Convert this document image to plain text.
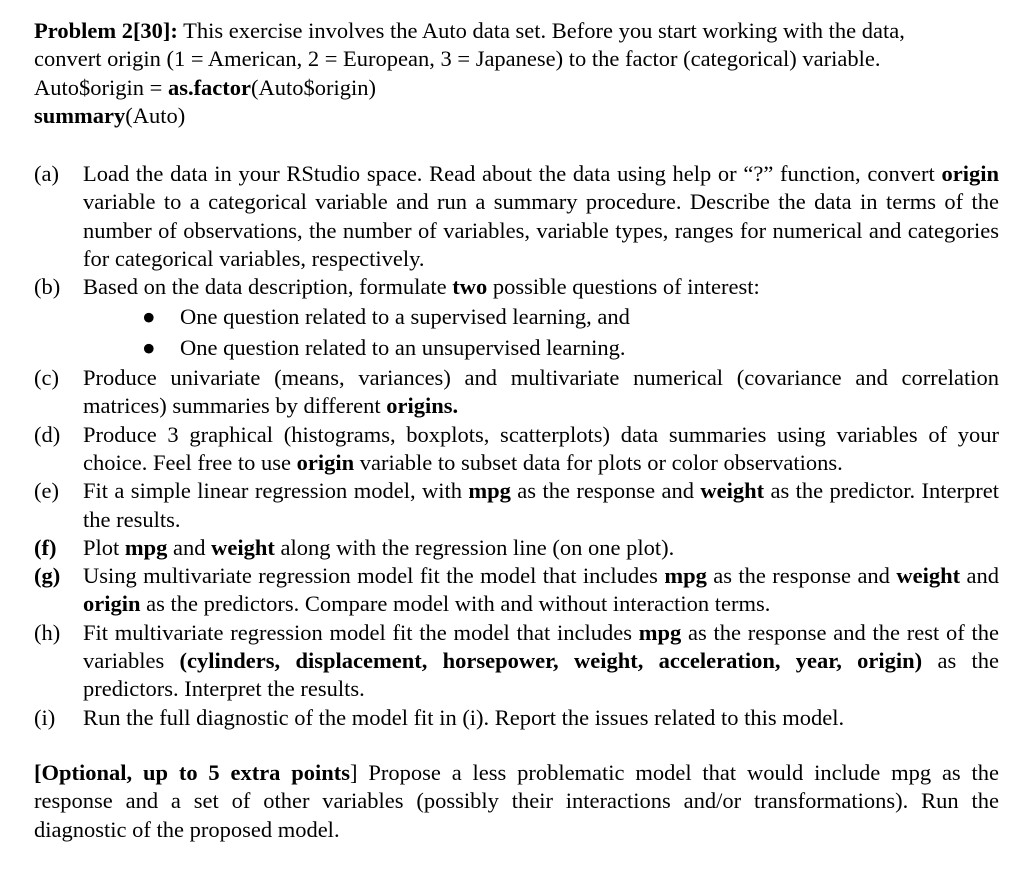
Problem 2[30]: This exercise involves the Auto data set. Before you start working with the data,
convert origin (1 = American, 2 = European, 3 = Japanese) to the factor (categorical) variable.
Auto$origin = as.factor(Auto$origin)
summary(Auto)
(a)	Load the data in your RStudio space. Read about the data using help or “?” function, convert origin variable to a categorical variable and run a summary procedure. Describe the data in terms of the number of observations, the number of variables, variable types, ranges for numerical and categories for categorical variables, respectively.
(b)	Based on the data description, formulate two possible questions of interest:
●	One question related to a supervised learning, and
●	One question related to an unsupervised learning.
(c)	Produce univariate (means, variances) and multivariate numerical (covariance and correlation matrices) summaries by different origins.
(d)	Produce 3 graphical (histograms, boxplots, scatterplots) data summaries using variables of your choice. Feel free to use origin variable to subset data for plots or color observations.
(e)	Fit a simple linear regression model, with mpg as the response and weight as the predictor. Interpret the results.
(f)	Plot mpg and weight along with the regression line (on one plot).
(g)	Using multivariate regression model fit the model that includes mpg as the response and weight and origin as the predictors. Compare model with and without interaction terms.
(h)	Fit multivariate regression model fit the model that includes mpg as the response and the rest of the variables (cylinders, displacement, horsepower, weight, acceleration, year, origin) as the predictors. Interpret the results.
(i)	Run the full diagnostic of the model fit in (i). Report the issues related to this model.
[Optional, up to 5 extra points] Propose a less problematic model that would include mpg as the response and a set of other variables (possibly their interactions and/or transformations). Run the diagnostic of the proposed model.
